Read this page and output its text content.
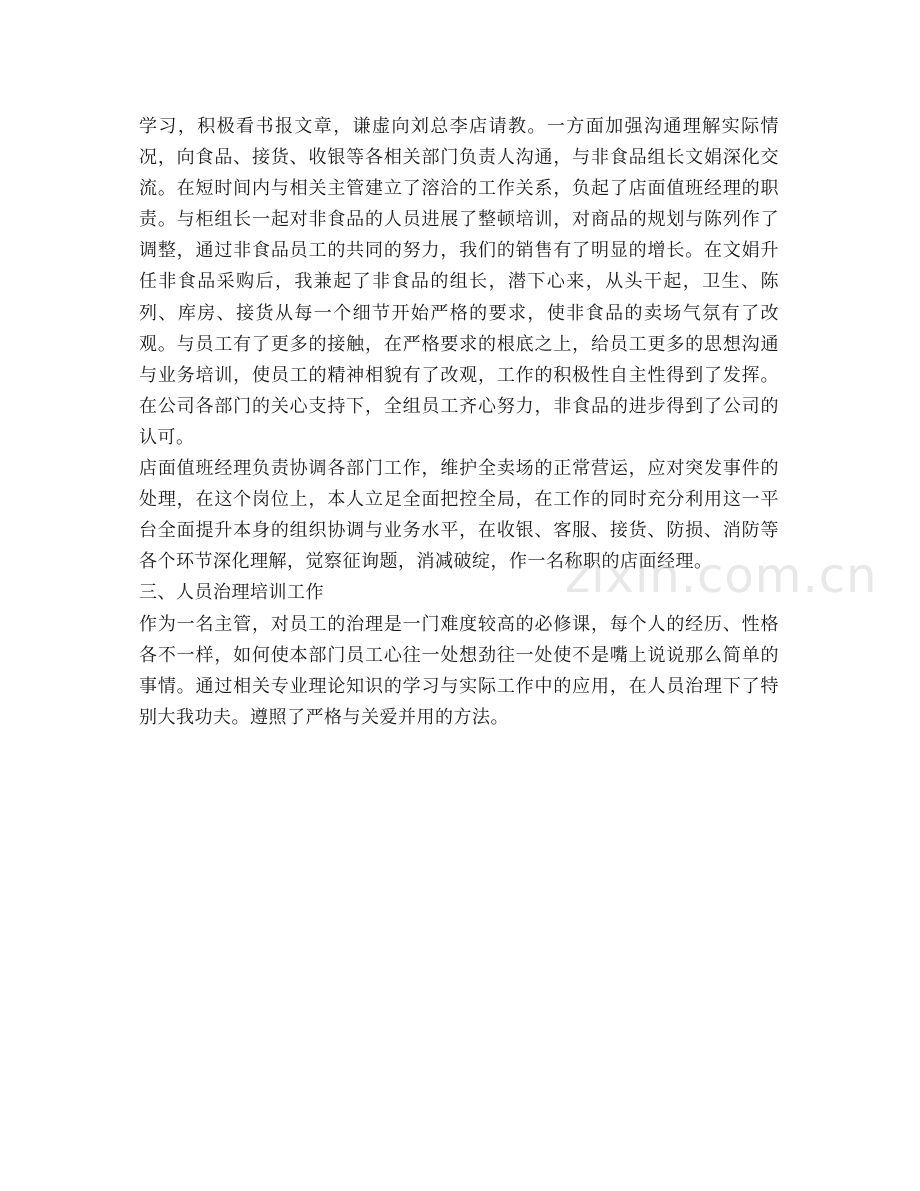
学习，积极看书报文章，谦虚向刘总李店请教。一方面加强沟通理解实际情况，向食品、接货、收银等各相关部门负责人沟通，与非食品组长文娟深化交流。在短时间内与相关主管建立了溶洽的工作关系，负起了店面值班经理的职责。与柜组长一起对非食品的人员进展了整顿培训，对商品的规划与陈列作了调整，通过非食品员工的共同的努力，我们的销售有了明显的增长。在文娟升任非食品采购后，我兼起了非食品的组长，潜下心来，从头干起，卫生、陈列、库房、接货从每一个细节开始严格的要求，使非食品的卖场气氛有了改观。与员工有了更多的接触，在严格要求的根底之上，给员工更多的思想沟通与业务培训，使员工的精神相貌有了改观，工作的积极性自主性得到了发挥。在公司各部门的关心支持下，全组员工齐心努力，非食品的进步得到了公司的认可。

店面值班经理负责协调各部门工作，维护全卖场的正常营运，应对突发事件的处理，在这个岗位上，本人立足全面把控全局，在工作的同时充分利用这一平台全面提升本身的组织协调与业务水平，在收银、客服、接货、防损、消防等各个环节深化理解，觉察征询题，消减破绽，作一名称职的店面经理。

三、人员治理培训工作

作为一名主管，对员工的治理是一门难度较高的必修课，每个人的经历、性格各不一样，如何使本部门员工心往一处想劲往一处使不是嘴上说说那么简单的事情。通过相关专业理论知识的学习与实际工作中的应用，在人员治理下了特别大我功夫。遵照了严格与关爱并用的方法。

zixin.com.cn
